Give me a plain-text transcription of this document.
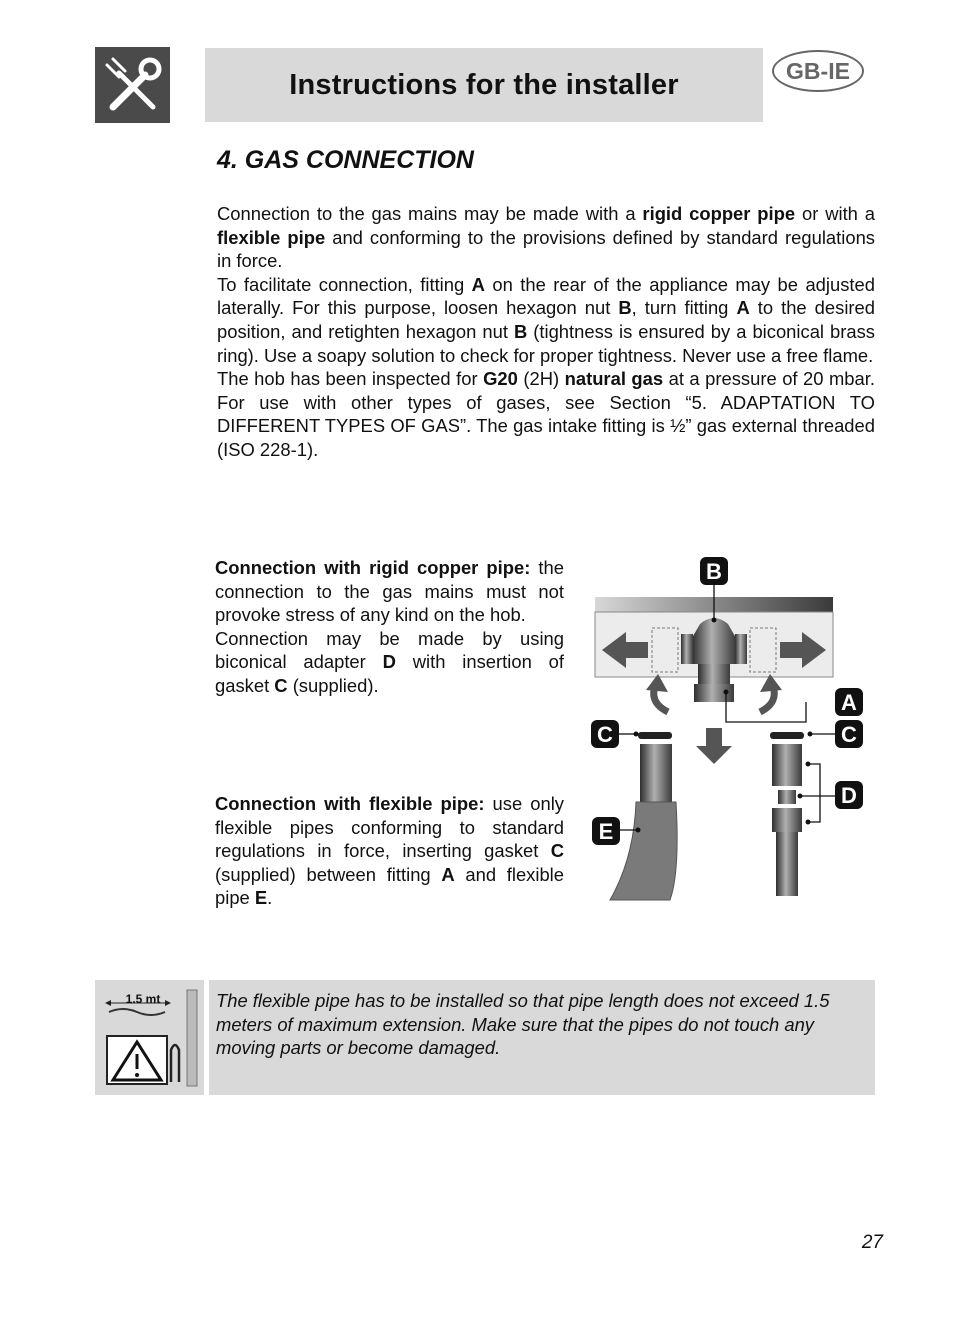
Instructions for the installer	GB-IE
4. GAS CONNECTION

Connection to the gas mains may be made with a rigid copper pipe or with a flexible pipe and conforming to the provisions defined by standard regulations in force.

To facilitate connection, fitting A on the rear of the appliance may be adjusted laterally. For this purpose, loosen hexagon nut B, turn fitting A to the desired position, and retighten hexagon nut B (tightness is ensured by a biconical brass ring). Use a soapy solution to check for proper tightness. Never use a free flame.

The hob has been inspected for G20 (2H) natural gas at a pressure of 20 mbar. For use with other types of gases, see Section “5. ADAPTATION TO DIFFERENT TYPES OF GAS”. The gas intake fitting is ½” gas external threaded (ISO 228-1).

Connection with rigid copper pipe: the connection to the gas mains must not provoke stress of any kind on the hob.

Connection may be made by using biconical adapter D with insertion of gasket C (supplied).

Connection with flexible pipe: use only flexible pipes conforming to standard regulations in force, inserting gasket C (supplied) between fitting A and flexible pipe E.

B
A
C	C
D
E
1.5 mt	The flexible pipe has to be installed so that pipe length does not exceed 1.5 meters of maximum extension. Make sure that the pipes do not touch any moving parts or become damaged.
27
